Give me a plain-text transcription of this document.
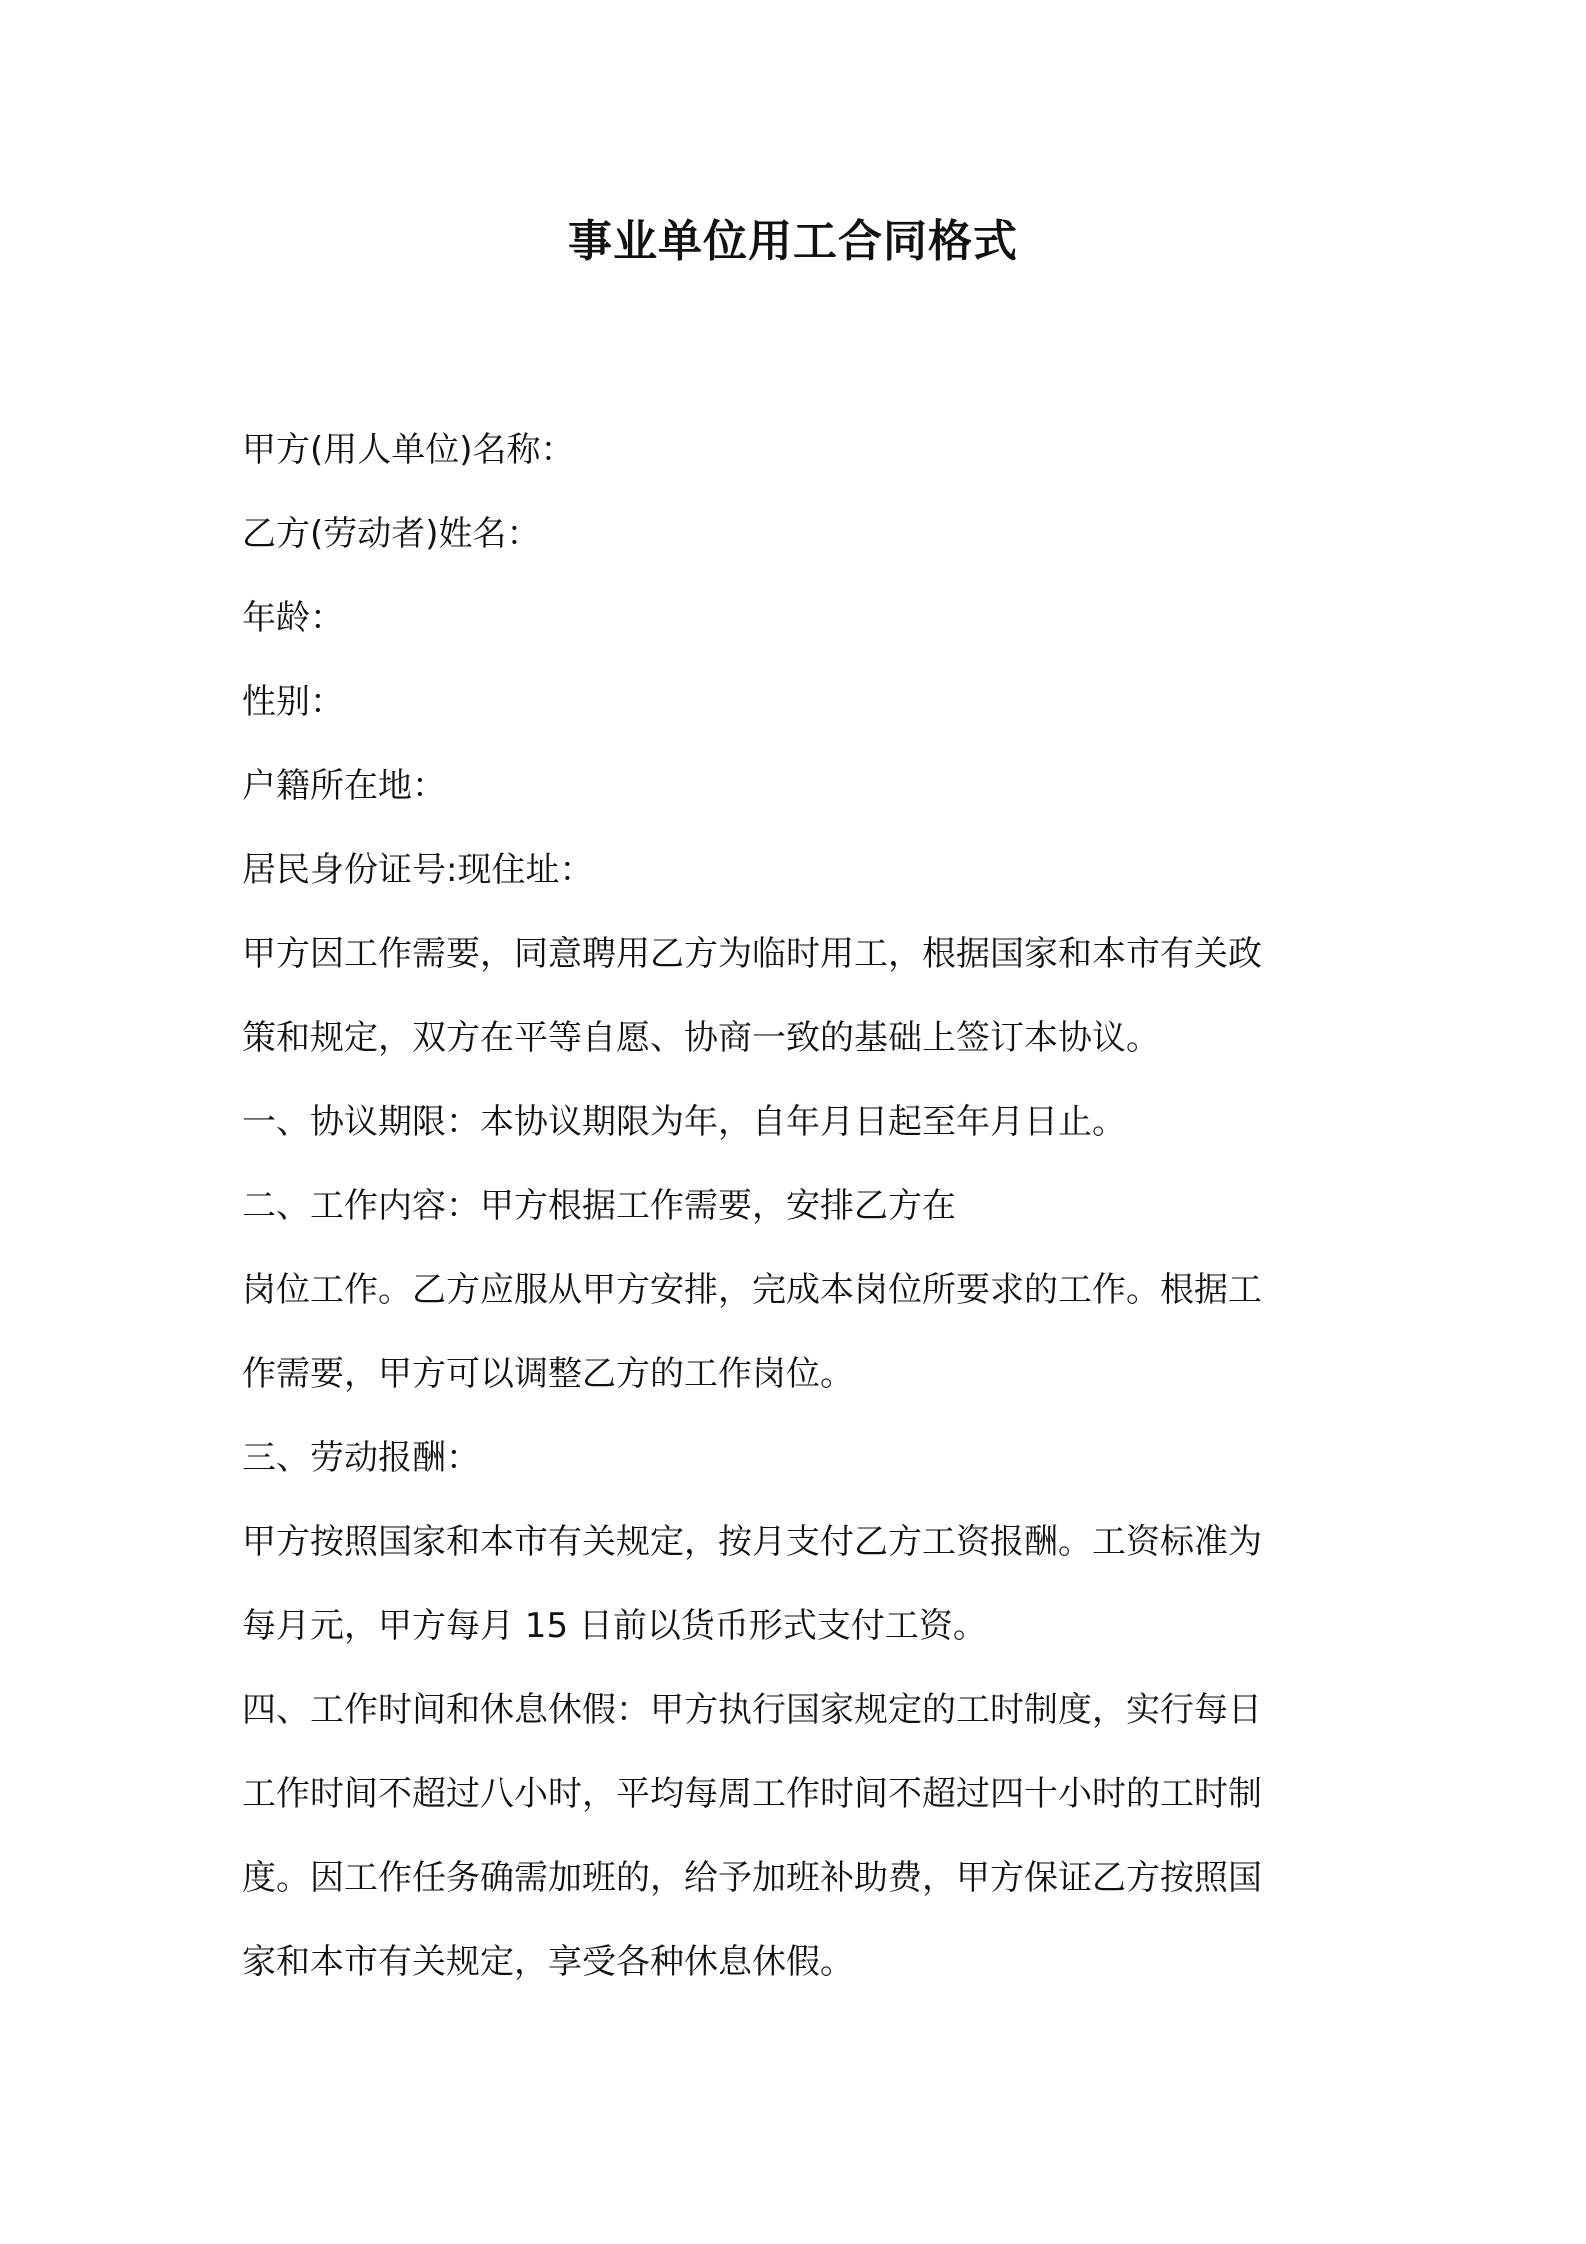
事业单位用工合同格式

甲方(用人单位)名称：

乙方(劳动者)姓名：

年龄：

性别：

户籍所在地：

居民身份证号:现住址：

甲方因工作需要，同意聘用乙方为临时用工，根据国家和本市有关政

策和规定，双方在平等自愿、协商一致的基础上签订本协议。

一、协议期限：本协议期限为年，自年月日起至年月日止。

二、工作内容：甲方根据工作需要，安排乙方在

岗位工作。乙方应服从甲方安排，完成本岗位所要求的工作。根据工

作需要，甲方可以调整乙方的工作岗位。

三、劳动报酬：

甲方按照国家和本市有关规定，按月支付乙方工资报酬。工资标准为

每月元，甲方每月 15 日前以货币形式支付工资。

四、工作时间和休息休假：甲方执行国家规定的工时制度，实行每日

工作时间不超过八小时，平均每周工作时间不超过四十小时的工时制

度。因工作任务确需加班的，给予加班补助费，甲方保证乙方按照国

家和本市有关规定，享受各种休息休假。
